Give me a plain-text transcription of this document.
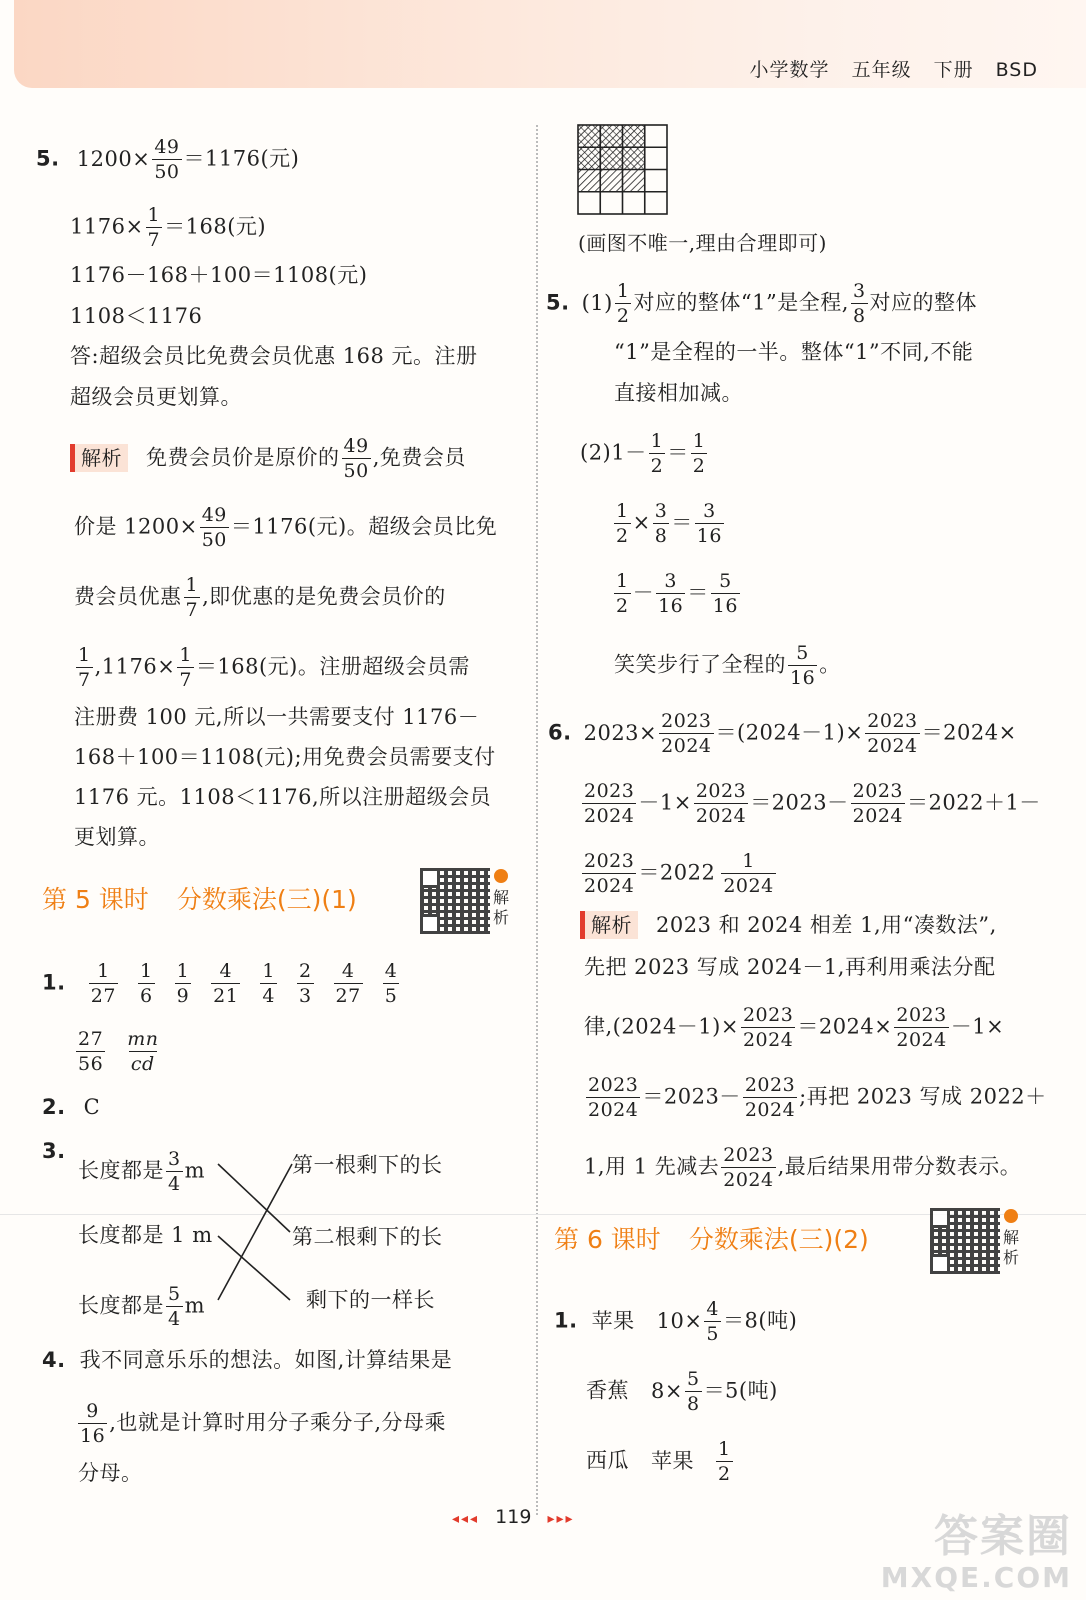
小学数学 五年级 下册 BSD
5. $1200\times \frac{49}{50} =1176$(元)
$1176\times \frac{1}{7} =168$(元)
1176－168＋100＝1108(元)
1108＜1176
答:超级会员比免费会员优惠 168 元。注册
超级会员更划算。
解析 免费会员价是原价的 $\frac{49}{50}$ ,免费会员
价是 $1200\times \frac{49}{50} =1176$(元)。超级会员比免
费会员优惠 $\frac{1}{7}$ ,即优惠的是免费会员价的
$\frac{1}{7} ,1176\times \frac{1}{7} =168$(元)。注册超级会员需
注册费 100 元,所以一共需要支付 1176－
168＋100＝1108(元);用免费会员需要支付
1176 元。1108＜1176,所以注册超级会员
更划算。
第 5 课时 分数乘法(三)(1)	解析
1. $\frac{1}{27} \frac{1}{6} \frac{1}{9} \frac{4}{21} \frac{1}{4} \frac{2}{3} \frac{4}{27} \frac{4}{5}$
$\frac{27}{56} \frac{mn}{cd}$
2. C
3.
长度都是 $\frac{3}{4}$ m
长度都是 1 m
长度都是 $\frac{5}{4}$ m
第一根剩下的长
第二根剩下的长
剩下的一样长
4. 我不同意乐乐的想法。如图,计算结果是
$\frac{9}{16}$ ,也就是计算时用分子乘分子,分母乘
分母。
(画图不唯一,理由合理即可)
5. $(1) \frac{1}{2}$ 对应的整体“1”是全程, $\frac{3}{8}$ 对应的整体
“1”是全程的一半。整体“1”不同,不能
直接相加减。
$(2)1- \frac{1}{2} = \frac{1}{2}$
$\frac{1}{2} \times \frac{3}{8} = \frac{3}{16}$
$\frac{1}{2} - \frac{3}{16} = \frac{5}{16}$
笑笑步行了全程的 $\frac{5}{16}$ 。
6. $2023\times \frac{2023}{2024} =(2024-1)\times \frac{2023}{2024} =2024\times$
$\frac{2023}{2024} -1\times \frac{2023}{2024} =2023- \frac{2023}{2024} =2022+1-$
$\frac{2023}{2024} =2022 \frac{1}{2024}$
解析 2023 和 2024 相差 1,用“凑数法”,
先把 2023 写成 2024－1,再利用乘法分配
律$,(2024-1)\times \frac{2023}{2024} =2024\times \frac{2023}{2024} -1\times$
$\frac{2023}{2024} =2023- \frac{2023}{2024}$ ;再把 2023 写成 2022＋
1,用 1 先减去 $\frac{2023}{2024}$ ,最后结果用带分数表示。
第 6 课时 分数乘法(三)(2)	解析
1. 苹果 $10\times \frac{4}{5} =8$(吨)
香蕉 $8\times \frac{5}{8} =5$(吨)
西瓜 苹果 $\frac{1}{2}$
◂◂◂ 119 ▸▸▸	答案圈
MXQE.COM
